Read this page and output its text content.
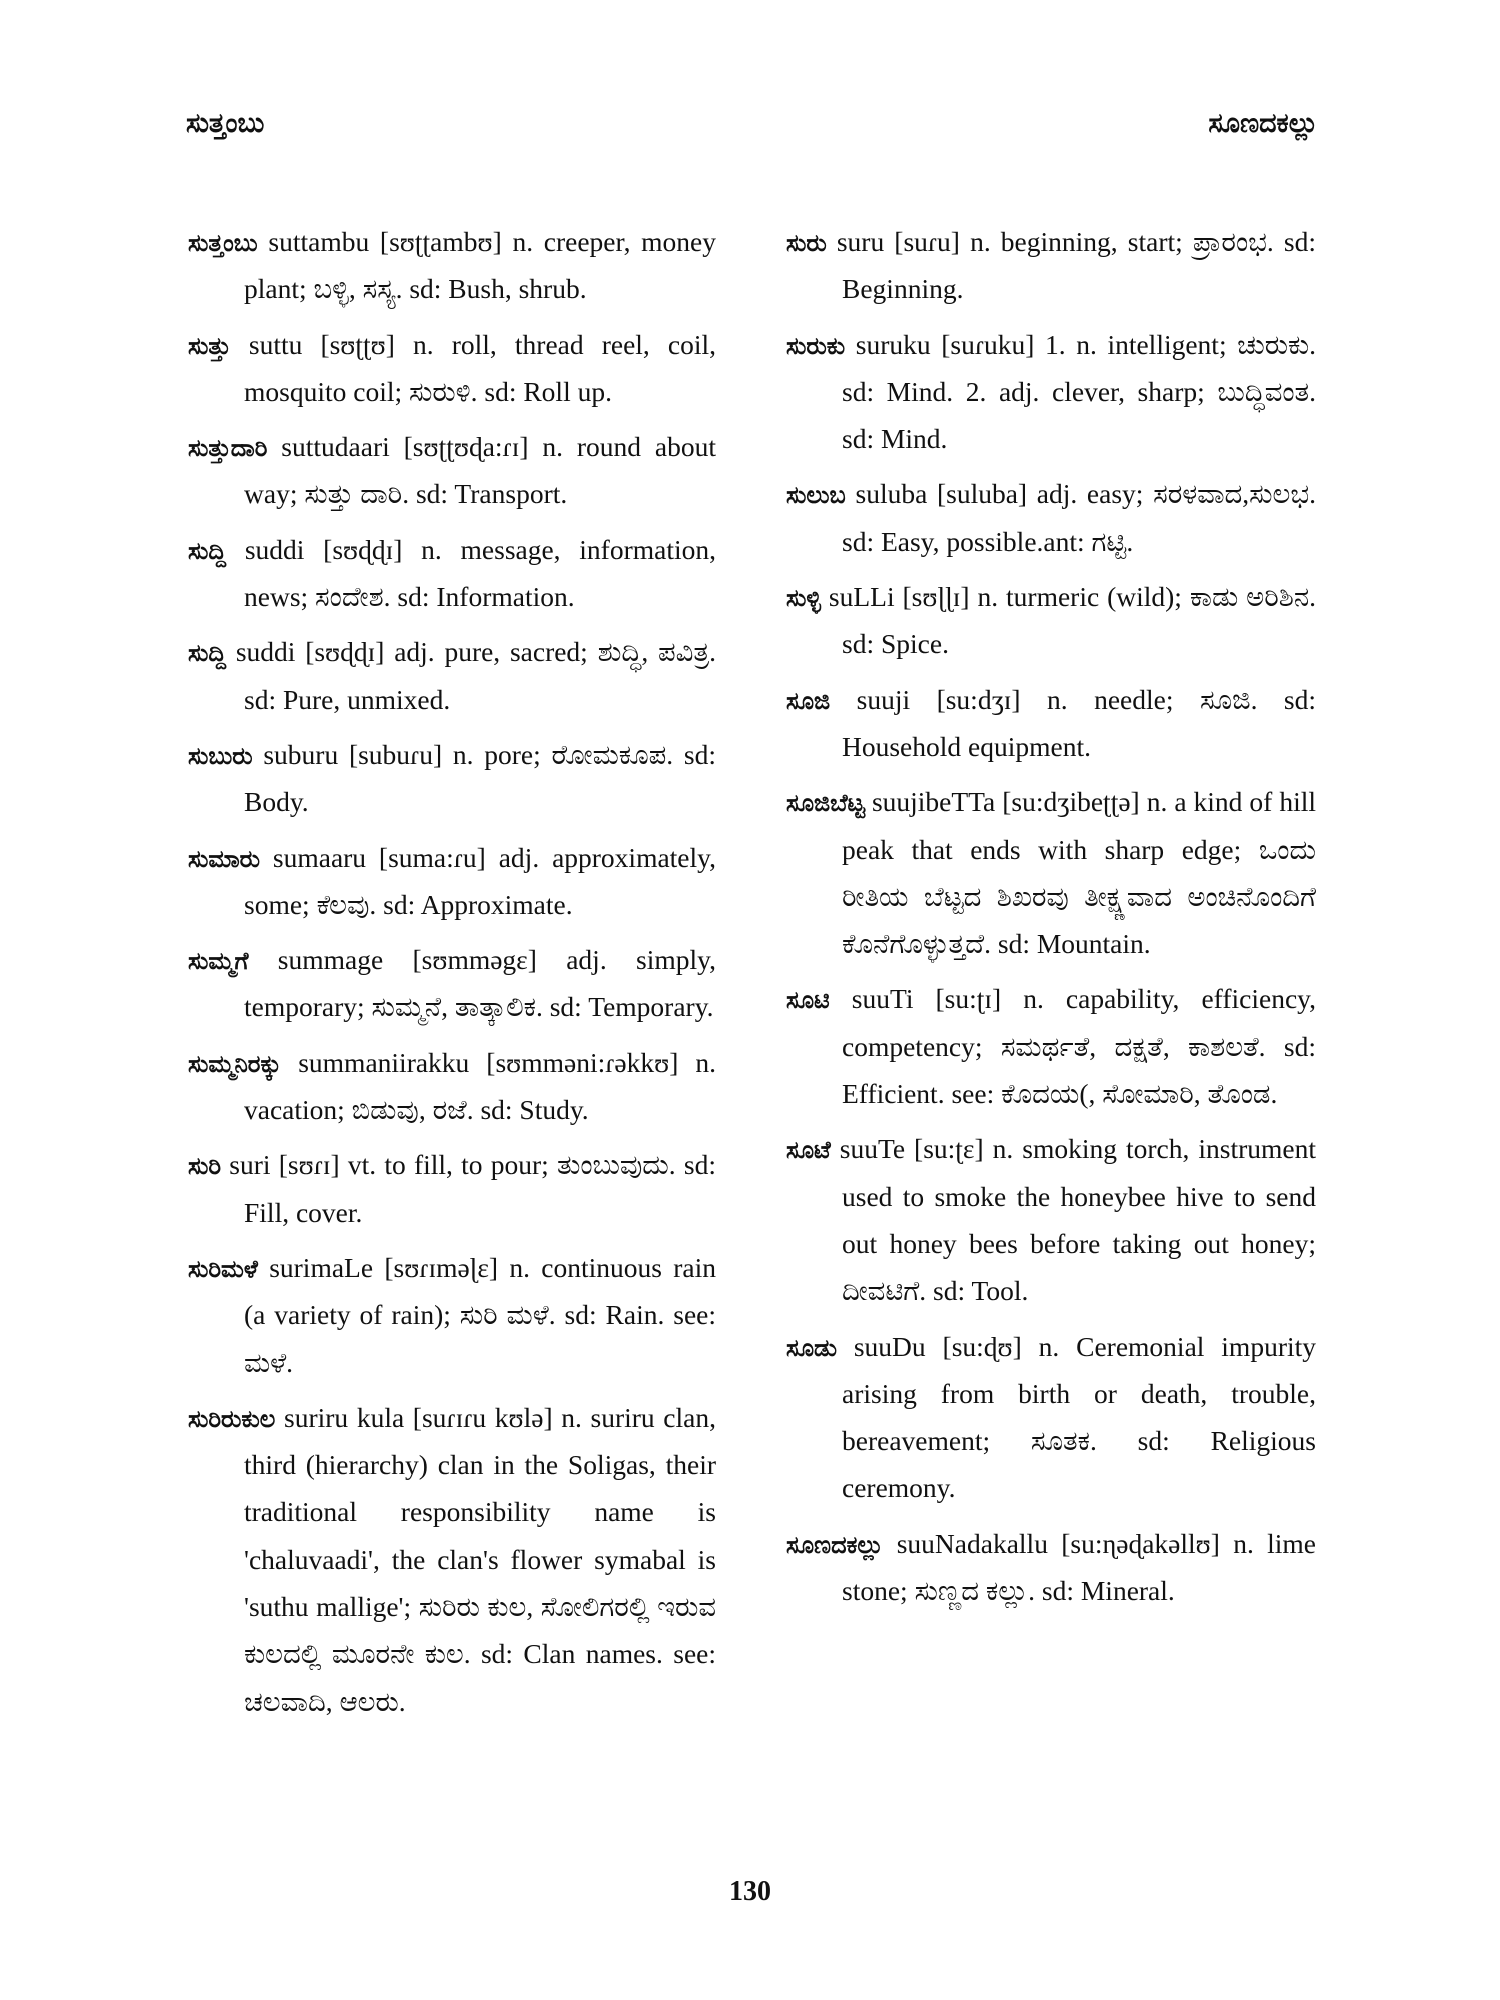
ಸುತ್ತಂಬು	ಸೂಣದಕಲ್ಲು
ಸುತ್ತಂಬು suttambu [sʊʈʈambʊ] n. creeper, money plant; ಬಳ್ಳಿ, ಸಸ್ಯ. sd: Bush, shrub.
ಸುತ್ತು suttu [sʊʈʈʊ] n. roll, thread reel, coil, mosquito coil; ಸುರುಳಿ. sd: Roll up.
ಸುತ್ತುದಾರಿ suttudaari [sʊʈʈʊɖa:ɾɪ] n. round about way; ಸುತ್ತು ದಾರಿ. sd: Transport.
ಸುದ್ದಿ suddi [sʊɖɖɪ] n. message, information, news; ಸಂದೇಶ. sd: Information.
ಸುದ್ದಿ suddi [sʊɖɖɪ] adj. pure, sacred; ಶುದ್ಧಿ, ಪವಿತ್ರ. sd: Pure, unmixed.
ಸುಬುರು suburu [subuɾu] n. pore; ರೋಮಕೂಪ. sd: Body.
ಸುಮಾರು sumaaru [suma:ɾu] adj. approximately, some; ಕೆಲವು. sd: Approximate.
ಸುಮ್ಮಗೆ summage [sʊmməgɛ] adj. simply, temporary; ಸುಮ್ಮನೆ, ತಾತ್ಕಾಲಿಕ. sd: Temporary.
ಸುಮ್ಮನಿರಕ್ಕು summaniirakku [sʊmməni:ɾəkkʊ] n. vacation; ಬಿಡುವು, ರಜೆ. sd: Study.
ಸುರಿ suri [sʊɾɪ] vt. to fill, to pour; ತುಂಬುವುದು. sd: Fill, cover.
ಸುರಿಮಳೆ surimaLe [sʊɾɪməɭɛ] n. continuous rain (a variety of rain); ಸುರಿ ಮಳೆ. sd: Rain. see: ಮಳೆ.
ಸುರಿರುಕುಲ suriru kula [suɾɪɾu kʊlə] n. suriru clan, third (hierarchy) clan in the Soligas, their traditional responsibility name is 'chaluvaadi', the clan's flower symabal is 'suthu mallige'; ಸುರಿರು ಕುಲ, ಸೋಲಿಗರಲ್ಲಿ ಇರುವ ಕುಲದಲ್ಲಿ ಮೂರನೇ ಕುಲ. sd: Clan names. see: ಚಲವಾದಿ, ಆಲರು.
ಸುರು suru [suɾu] n. beginning, start; ಪ್ರಾರಂಭ. sd: Beginning.
ಸುರುಕು suruku [suɾuku] 1. n. intelligent; ಚುರುಕು. sd: Mind. 2. adj. clever, sharp; ಬುದ್ಧಿವಂತ. sd: Mind.
ಸುಲುಬ suluba [suluba] adj. easy; ಸರಳವಾದ,ಸುಲಭ. sd: Easy, possible.ant: ಗಟ್ಟಿ.
ಸುಳ್ಳಿ suLLi [sʊɭɭɪ] n. turmeric (wild); ಕಾಡು ಅರಿಶಿನ. sd: Spice.
ಸೂಜಿ suuji [su:dʒɪ] n. needle; ಸೂಜಿ. sd: Household equipment.
ಸೂಜಿಬೆಟ್ಟ suujibeTTa [su:dʒibeʈʈə] n. a kind of hill peak that ends with sharp edge; ಒಂದು ರೀತಿಯ ಬೆಟ್ಟದ ಶಿಖರವು ತೀಕ್ಷ್ಣವಾದ ಅಂಚಿನೊಂದಿಗೆ ಕೊನೆಗೊಳ್ಳುತ್ತದೆ. sd: Mountain.
ಸೂಟಿ suuTi [su:ʈɪ] n. capability, efficiency, competency; ಸಮರ್ಥತೆ, ದಕ್ಷತೆ, ಕಾಶಲತೆ. sd: Efficient. see: ಕೊದಯ(, ಸೋಮಾರಿ, ತೊಂಡ.
ಸೂಟೆ suuTe [su:ʈɛ] n. smoking torch, instrument used to smoke the honeybee hive to send out honey bees before taking out honey; ದೀವಟಿಗೆ. sd: Tool.
ಸೂಡು suuDu [su:ɖʊ] n. Ceremonial impurity arising from birth or death, trouble, bereavement; ಸೂತಕ. sd: Religious ceremony.
ಸೂಣದಕಲ್ಲು suuNadakallu [su:ɳəɖakəllʊ] n. lime stone; ಸುಣ್ಣದ ಕಲ್ಲು. sd: Mineral.
130
